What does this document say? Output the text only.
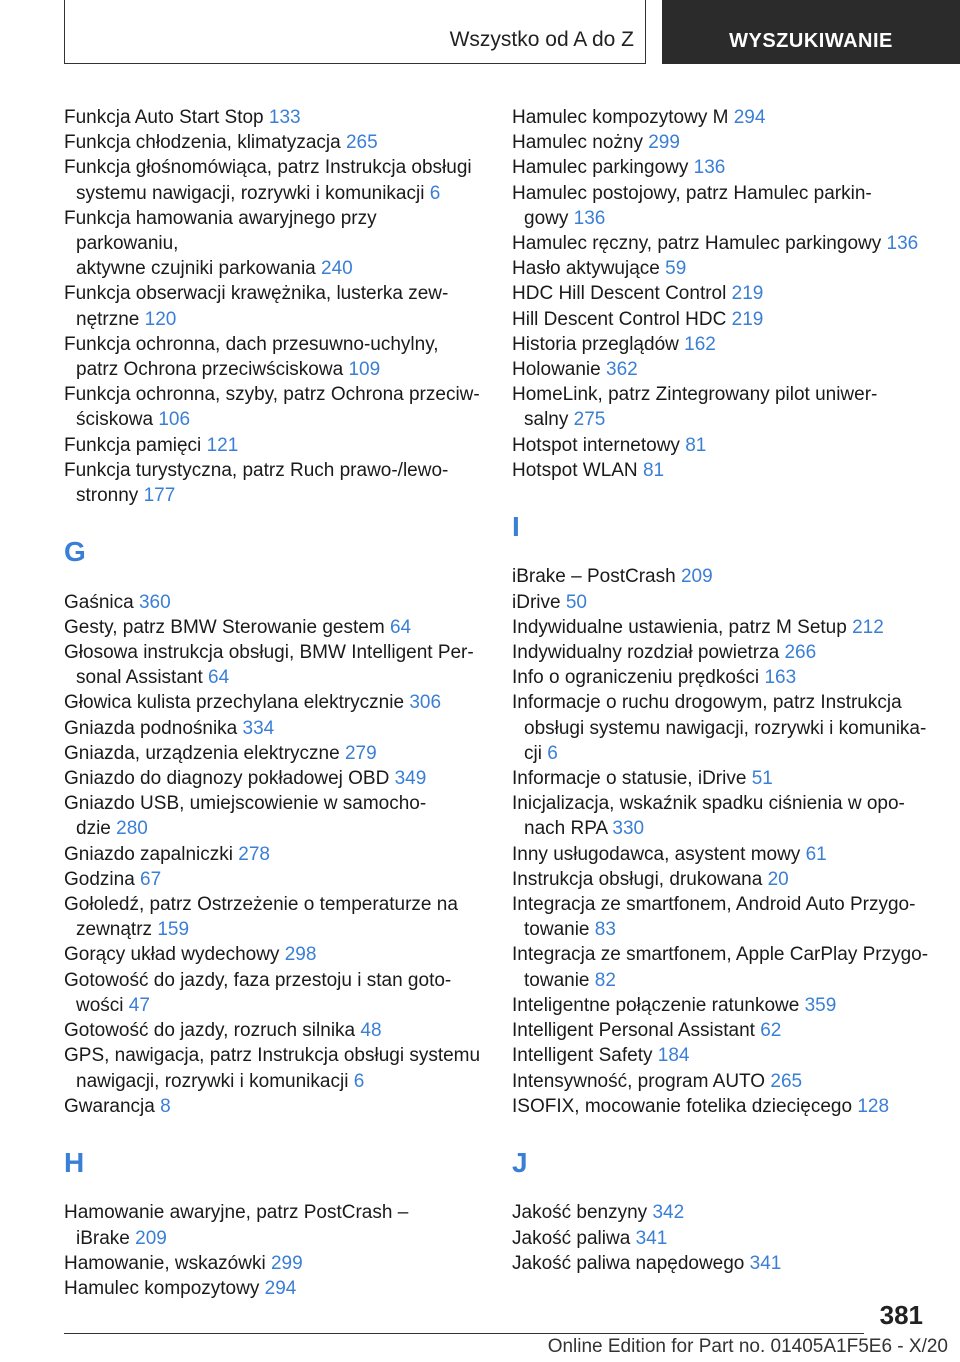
Wszystko od A do Z	WYSZUKIWANIE
Funkcja Auto Start Stop 133
Funkcja chłodzenia, klimatyzacja 265
Funkcja głośnomówiąca, patrz Instrukcja obsługi
systemu nawigacji, rozrywki i komunikacji 6
Funkcja hamowania awaryjnego przy parkowaniu,
aktywne czujniki parkowania 240
Funkcja obserwacji krawężnika, lusterka zew-
nętrzne 120
Funkcja ochronna, dach przesuwno-uchylny,
patrz Ochrona przeciwściskowa 109
Funkcja ochronna, szyby, patrz Ochrona przeciw-
ściskowa 106
Funkcja pamięci 121
Funkcja turystyczna, patrz Ruch prawo-/lewo-
stronny 177
G
Gaśnica 360
Gesty, patrz BMW Sterowanie gestem 64
Głosowa instrukcja obsługi, BMW Intelligent Per-
sonal Assistant 64
Głowica kulista przechylana elektrycznie 306
Gniazda podnośnika 334
Gniazda, urządzenia elektryczne 279
Gniazdo do diagnozy pokładowej OBD 349
Gniazdo USB, umiejscowienie w samocho-
dzie 280
Gniazdo zapalniczki 278
Godzina 67
Gołoledź, patrz Ostrzeżenie o temperaturze na
zewnątrz 159
Gorący układ wydechowy 298
Gotowość do jazdy, faza przestoju i stan goto-
wości 47
Gotowość do jazdy, rozruch silnika 48
GPS, nawigacja, patrz Instrukcja obsługi systemu
nawigacji, rozrywki i komunikacji 6
Gwarancja 8
H
Hamowanie awaryjne, patrz PostCrash –
iBrake 209
Hamowanie, wskazówki 299
Hamulec kompozytowy 294
Hamulec kompozytowy M 294
Hamulec nożny 299
Hamulec parkingowy 136
Hamulec postojowy, patrz Hamulec parkin-
gowy 136
Hamulec ręczny, patrz Hamulec parkingowy 136
Hasło aktywujące 59
HDC Hill Descent Control 219
Hill Descent Control HDC 219
Historia przeglądów 162
Holowanie 362
HomeLink, patrz Zintegrowany pilot uniwer-
salny 275
Hotspot internetowy 81
Hotspot WLAN 81
I
iBrake – PostCrash 209
iDrive 50
Indywidualne ustawienia, patrz M Setup 212
Indywidualny rozdział powietrza 266
Info o ograniczeniu prędkości 163
Informacje o ruchu drogowym, patrz Instrukcja
obsługi systemu nawigacji, rozrywki i komunika-
cji 6
Informacje o statusie, iDrive 51
Inicjalizacja, wskaźnik spadku ciśnienia w opo-
nach RPA 330
Inny usługodawca, asystent mowy 61
Instrukcja obsługi, drukowana 20
Integracja ze smartfonem, Android Auto Przygo-
towanie 83
Integracja ze smartfonem, Apple CarPlay Przygo-
towanie 82
Inteligentne połączenie ratunkowe 359
Intelligent Personal Assistant 62
Intelligent Safety 184
Intensywność, program AUTO 265
ISOFIX, mocowanie fotelika dziecięcego 128
J
Jakość benzyny 342
Jakość paliwa 341
Jakość paliwa napędowego 341
381
Online Edition for Part no. 01405A1F5E6 - X/20
